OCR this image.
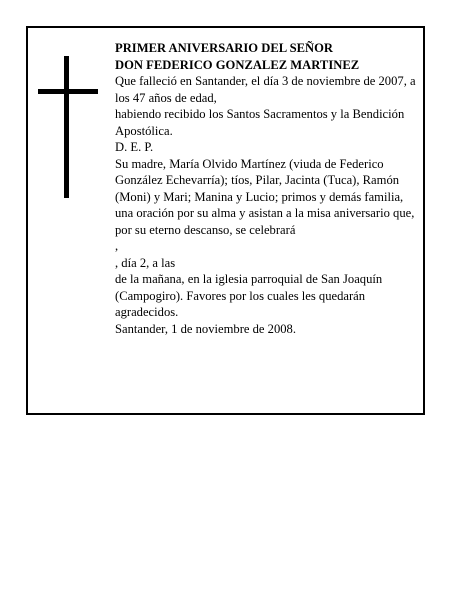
PRIMER ANIVERSARIO DEL SEÑOR

DON FEDERICO GONZALEZ MARTINEZ

Que falleció en Santander, el día 3 de noviembre de 2007, a los 47 años de edad,

habiendo recibido los Santos Sacramentos y la Bendición Apostólica.

D. E. P.

Su madre, María Olvido Martínez (viuda de Federico González Echevarría); tíos, Pilar, Jacinta (Tuca), Ramón (Moni) y Mari; Manina y Lucio; primos y demás familia,

una oración por su alma y asistan a la misa aniversario que, por su eterno descanso, se celebrará

,

, día 2, a las

de la mañana, en la iglesia parroquial de San Joaquín (Campogiro). Favores por los cuales les quedarán agradecidos.

Santander, 1 de noviembre de 2008.
